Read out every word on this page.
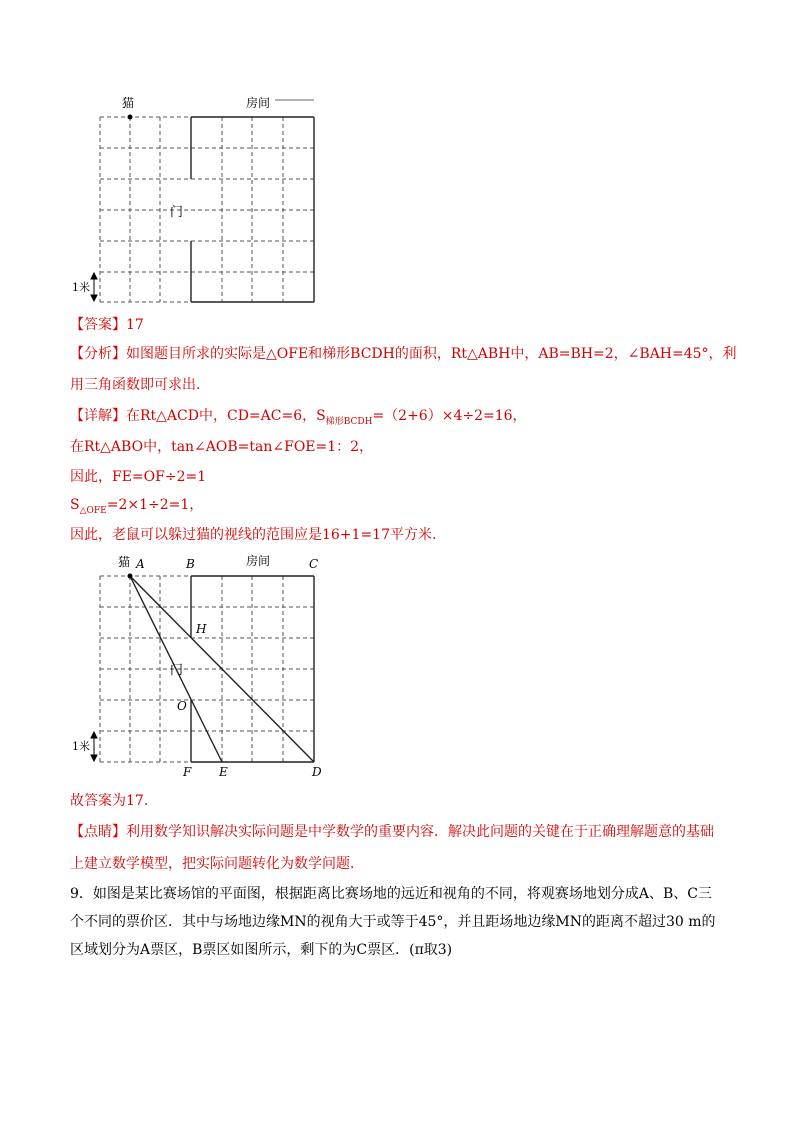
猫	房间
门
1米
【答案】17
【分析】如图题目所求的实际是△OFE和梯形BCDH的面积，Rt△ABH中，AB=BH=2，∠BAH=45°，利
用三角函数即可求出.
【详解】在Rt△ACD中，CD=AC=6，$S_{梯形BCDH}=(2+6)\times 4\div 2=16$，
在Rt△ABO中，tan∠AOB=tan∠FOE=1：2，
因此，FE=OF÷2=1
$S_{\triangle OFE}=2\times 1\div 2=1$，
因此，老鼠可以躲过猫的视线的范围应是16+1=17平方米.
猫 A	B	房间	C
H
门
O
F E	D
1米
故答案为17.
【点睛】利用数学知识解决实际问题是中学数学的重要内容．解决此问题的关键在于正确理解题意的基础
上建立数学模型，把实际问题转化为数学问题.
9．如图是某比赛场馆的平面图，根据距离比赛场地的远近和视角的不同，将观赛场地划分成A、B、C三
个不同的票价区．其中与场地边缘MN的视角大于或等于45°，并且距场地边缘MN的距离不超过30 m的
区域划分为A票区，B票区如图所示，剩下的为C票区．(π取3)
